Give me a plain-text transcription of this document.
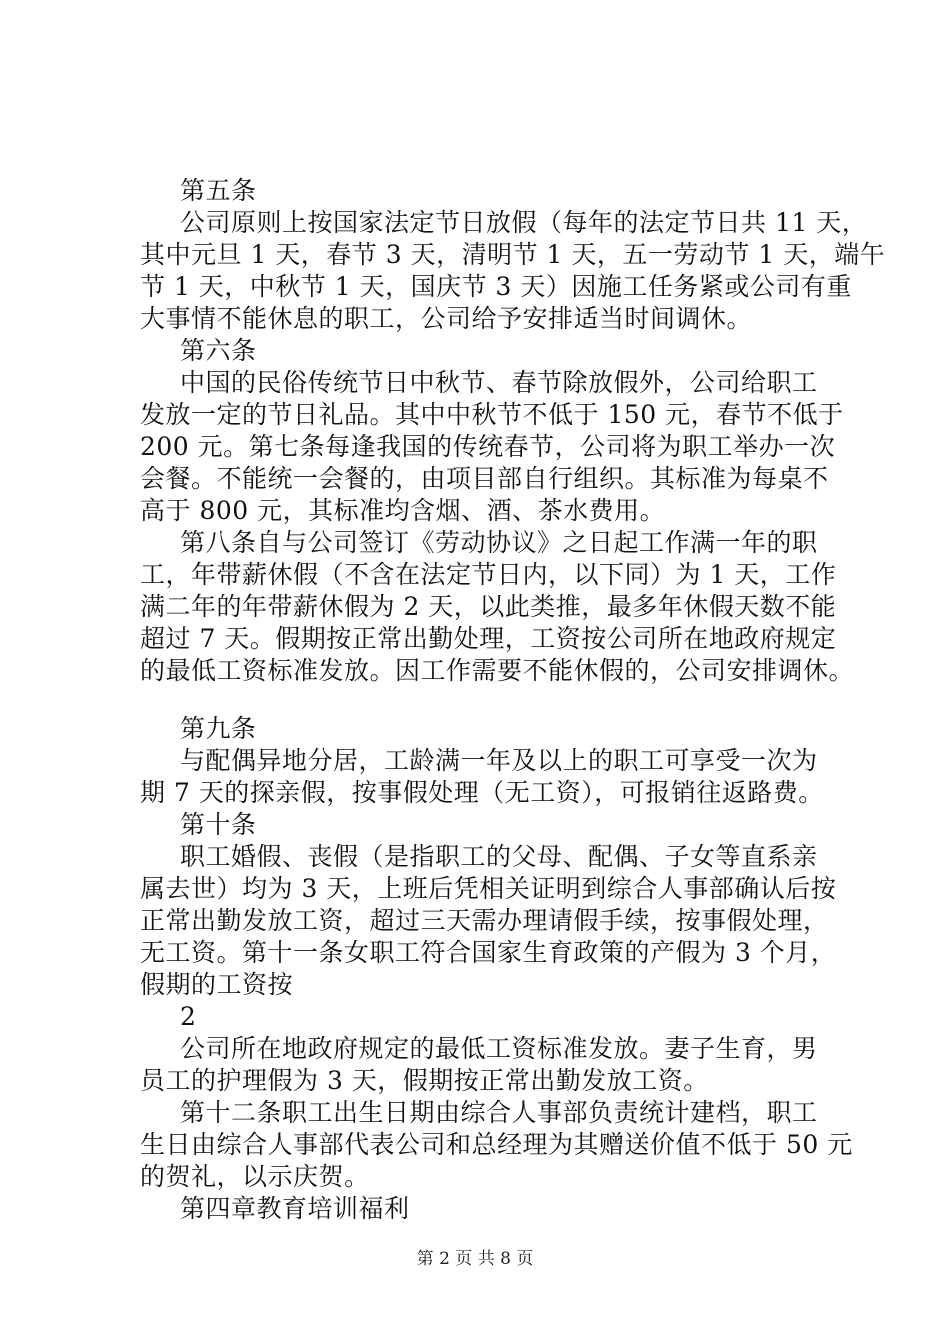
第五条
公司原则上按国家法定节日放假（每年的法定节日共 11 天，
其中元旦 1 天，春节 3 天，清明节 1 天，五一劳动节 1 天，端午
节 1 天，中秋节 1 天，国庆节 3 天）因施工任务紧或公司有重
大事情不能休息的职工，公司给予安排适当时间调休。
第六条
中国的民俗传统节日中秋节、春节除放假外，公司给职工
发放一定的节日礼品。其中中秋节不低于 150 元，春节不低于
200 元。第七条每逢我国的传统春节，公司将为职工举办一次
会餐。不能统一会餐的，由项目部自行组织。其标准为每桌不
高于 800 元，其标准均含烟、酒、茶水费用。
第八条自与公司签订《劳动协议》之日起工作满一年的职
工，年带薪休假（不含在法定节日内，以下同）为 1 天，工作
满二年的年带薪休假为 2 天，以此类推，最多年休假天数不能
超过 7 天。假期按正常出勤处理，工资按公司所在地政府规定
的最低工资标准发放。因工作需要不能休假的，公司安排调休。
第九条
与配偶异地分居，工龄满一年及以上的职工可享受一次为
期 7 天的探亲假，按事假处理（无工资），可报销往返路费。
第十条
职工婚假、丧假（是指职工的父母、配偶、子女等直系亲
属去世）均为 3 天，上班后凭相关证明到综合人事部确认后按
正常出勤发放工资，超过三天需办理请假手续，按事假处理，
无工资。第十一条女职工符合国家生育政策的产假为 3 个月，
假期的工资按
2
公司所在地政府规定的最低工资标准发放。妻子生育，男
员工的护理假为 3 天，假期按正常出勤发放工资。
第十二条职工出生日期由综合人事部负责统计建档，职工
生日由综合人事部代表公司和总经理为其赠送价值不低于 50 元
的贺礼，以示庆贺。
第四章教育培训福利
第 2 页 共 8 页
